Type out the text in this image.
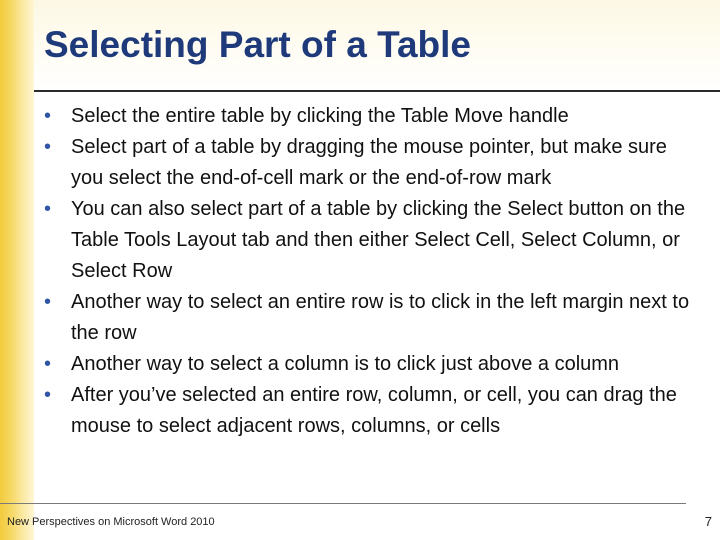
Selecting Part of a Table
• Select the entire table by clicking the Table Move handle
• Select part of a table by dragging the mouse pointer, but make sure you select the end-of-cell mark or the end-of-row mark
• You can also select part of a table by clicking the Select button on the Table Tools Layout tab and then either Select Cell, Select Column, or Select Row
• Another way to select an entire row is to click in the left margin next to the row
• Another way to select a column is to click just above a column
• After you’ve selected an entire row, column, or cell, you can drag the mouse to select adjacent rows, columns, or cells
New Perspectives on Microsoft Word 2010	7
